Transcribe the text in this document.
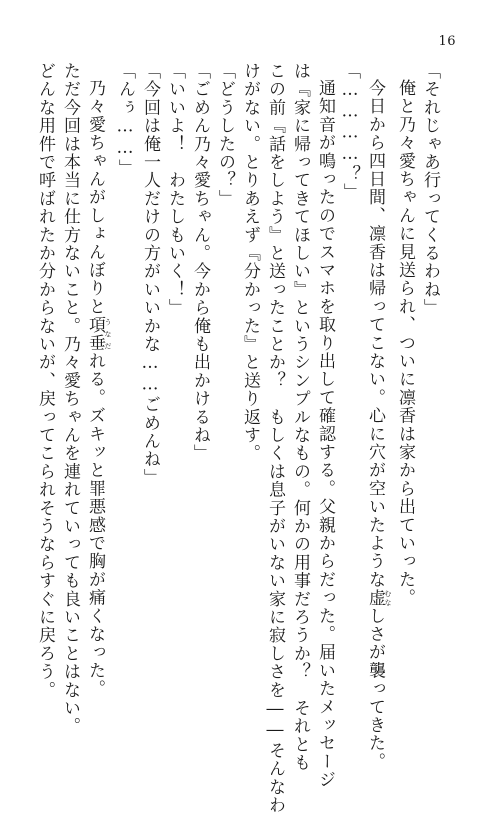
16
「それじゃあ行ってくるわね」
俺と乃々愛ちゃんに見送られ、ついに凛香は家から出ていった。
今日から四日間、凛香は帰ってこない。心に穴が空いたような虚 むなしさが襲ってきた。
「…………？」
通知音が鳴ったのでスマホを取り出して確認する。父親からだった。届いたメッセージ
は『家に帰ってきてほしい』というシンプルなもの。何かの用事だろうか？　それとも
この前『話をしよう』と送ったことか？　もしくは息子がいない家に寂しさを――そんなわ
けがない。とりあえず『分かった』と送り返す。
「どうしたの？」
「ごめん乃々愛ちゃん。今から俺も出かけるね」
「いいよ！　わたしもいく！」
「今回は俺一人だけの方がいいかな……ごめんね」
「んぅ……」
乃々愛ちゃんがしょんぼりと項垂 うなだれる。ズキッと罪悪感で胸が痛くなった。
ただ今回は本当に仕方ないこと。乃々愛ちゃんを連れていっても良いことはない。
どんな用件で呼ばれたか分からないが、戻ってこられそうならすぐに戻ろう。
